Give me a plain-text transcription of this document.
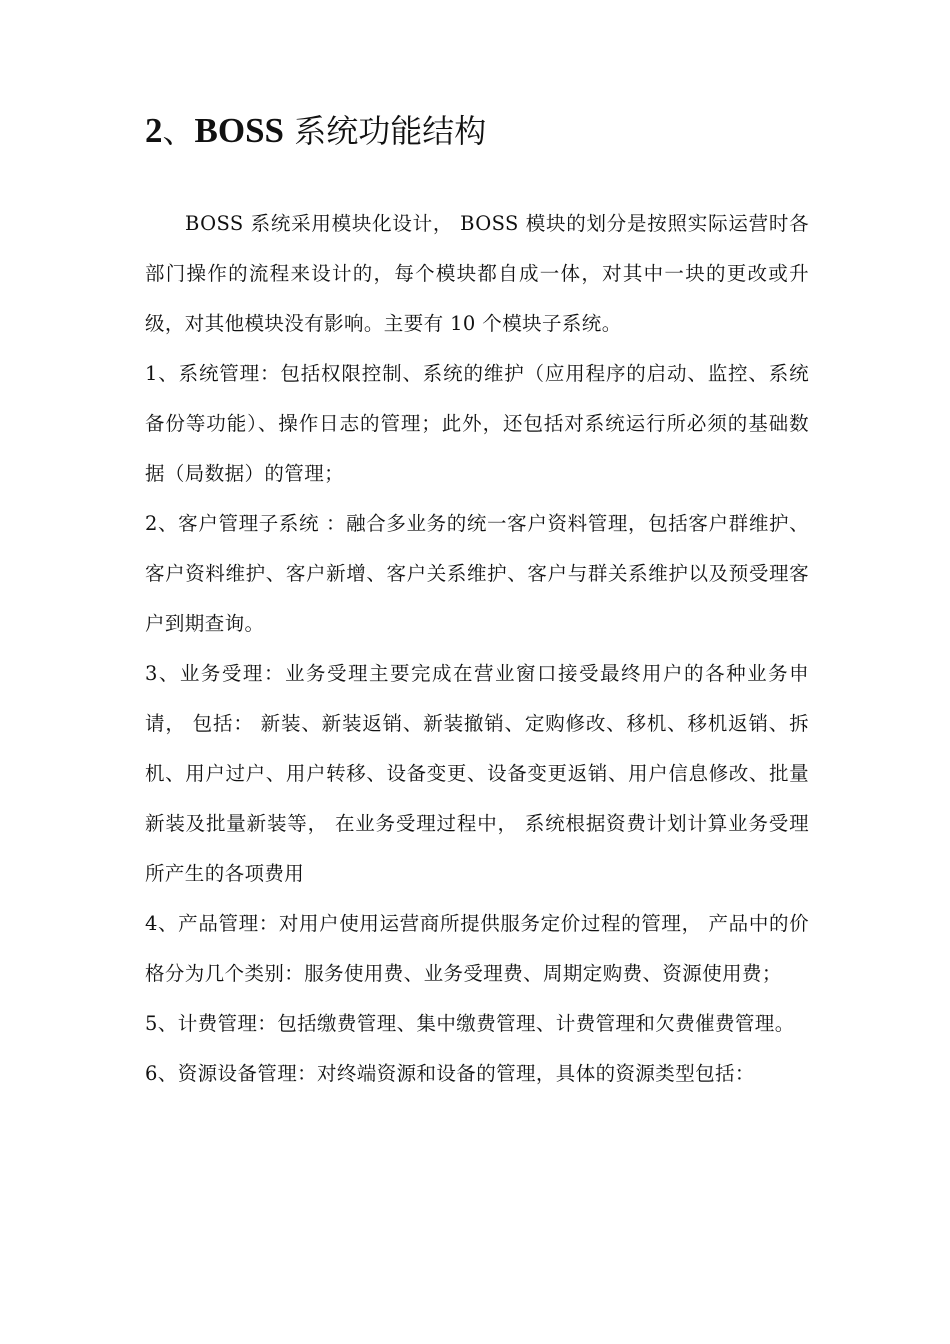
2、BOSS 系统功能结构

BOSS 系统采用模块化设计， BOSS 模块的划分是按照实际运营时各部门操作的流程来设计的，每个模块都自成一体，对其中一块的更改或升级，对其他模块没有影响。主要有 10 个模块子系统。

1、系统管理：包括权限控制、系统的维护（应用程序的启动、监控、系统备份等功能）、操作日志的管理；此外，还包括对系统运行所必须的基础数据（局数据）的管理；

2、客户管理子系统 ：融合多业务的统一客户资料管理，包括客户群维护、客户资料维护、客户新增、客户关系维护、客户与群关系维护以及预受理客户到期查询。

3、业务受理：业务受理主要完成在营业窗口接受最终用户的各种业务申请， 包括： 新装、新装返销、新装撤销、定购修改、移机、移机返销、拆机、用户过户、用户转移、设备变更、设备变更返销、用户信息修改、批量新装及批量新装等， 在业务受理过程中， 系统根据资费计划计算业务受理所产生的各项费用

4、产品管理：对用户使用运营商所提供服务定价过程的管理， 产品中的价格分为几个类别：服务使用费、业务受理费、周期定购费、资源使用费；

5、计费管理：包括缴费管理、集中缴费管理、计费管理和欠费催费管理。

6、资源设备管理：对终端资源和设备的管理，具体的资源类型包括：
